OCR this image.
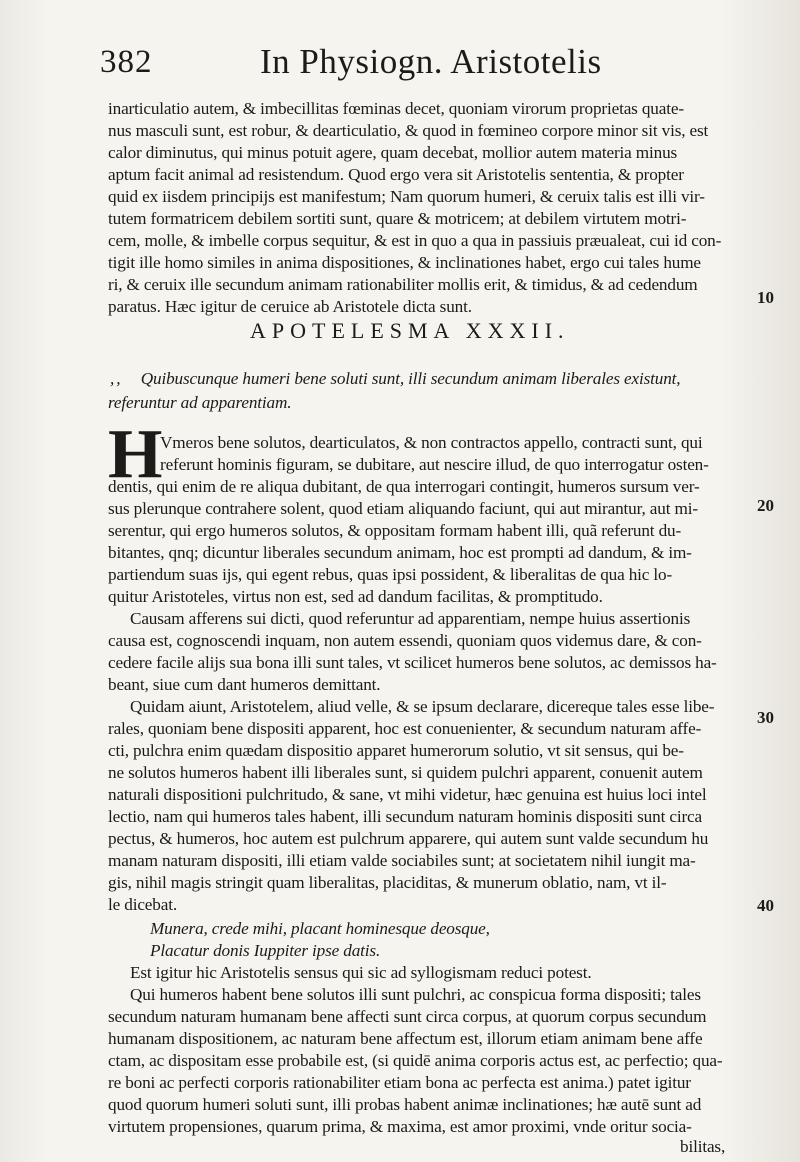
382	In Physiogn. Aristotelis
inarticulatio autem, & imbecillitas fœminas decet, quoniam virorum proprietas quate-
nus masculi sunt, est robur, & dearticulatio, & quod in fœmineo corpore minor sit vis, est
calor diminutus, qui minus potuit agere, quam decebat, mollior autem materia minus
aptum facit animal ad resistendum. Quod ergo vera sit Aristotelis sententia, & propter
quid ex iisdem principijs est manifestum; Nam quorum humeri, & ceruix talis est illi vir-
tutem formatricem debilem sortiti sunt, quare & motricem; at debilem virtutem motri-
cem, molle, & imbelle corpus sequitur, & est in quo a qua in passiuis præualeat, cui id con-
tigit ille homo similes in anima dispositiones, & inclinationes habet, ergo cui tales hume
ri, & ceruix ille secundum animam rationabiliter mollis erit, & timidus, & ad cedendum
paratus. Hæc igitur de ceruice ab Aristotele dicta sunt.	10
APOTELESMA XXXII.
,, Quibuscunque humeri bene soluti sunt, illi secundum animam liberales existunt,
referuntur ad apparentiam.
H
Vmeros bene solutos, dearticulatos, & non contractos appello, contracti sunt, qui
referunt hominis figuram, se dubitare, aut nescire illud, de quo interrogatur osten-
dentis, qui enim de re aliqua dubitant, de qua interrogari contingit, humeros sursum ver-
sus plerunque contrahere solent, quod etiam aliquando faciunt, qui aut mirantur, aut mi-
serentur, qui ergo humeros solutos, & oppositam formam habent illi, quã referunt du-
bitantes, qnq; dicuntur liberales secundum animam, hoc est prompti ad dandum, & im-
partiendum suas ijs, qui egent rebus, quas ipsi possident, & liberalitas de qua hic lo-
quitur Aristoteles, virtus non est, sed ad dandum facilitas, & promptitudo.
20
Causam afferens sui dicti, quod referuntur ad apparentiam, nempe huius assertionis
causa est, cognoscendi inquam, non autem essendi, quoniam quos videmus dare, & con-
cedere facile alijs sua bona illi sunt tales, vt scilicet humeros bene solutos, ac demissos ha-
beant, siue cum dant humeros demittant.
Quidam aiunt, Aristotelem, aliud velle, & se ipsum declarare, dicereque tales esse libe-
rales, quoniam bene dispositi apparent, hoc est conuenienter, & secundum naturam affe-
cti, pulchra enim quædam dispositio apparet humerorum solutio, vt sit sensus, qui be-
ne solutos humeros habent illi liberales sunt, si quidem pulchri apparent, conuenit autem
naturali dispositioni pulchritudo, & sane, vt mihi videtur, hæc genuina est huius loci intel
lectio, nam qui humeros tales habent, illi secundum naturam hominis dispositi sunt circa
pectus, & humeros, hoc autem est pulchrum apparere, qui autem sunt valde secundum hu
manam naturam dispositi, illi etiam valde sociabiles sunt; at societatem nihil iungit ma-
gis, nihil magis stringit quam liberalitas, placiditas, & munerum oblatio, nam, vt il-
le dicebat.
30
Munera, crede mihi, placant hominesque deosque,
Placatur donis Iuppiter ipse datis.
40
Est igitur hic Aristotelis sensus qui sic ad syllogismam reduci potest.
Qui humeros habent bene solutos illi sunt pulchri, ac conspicua forma dispositi; tales
secundum naturam humanam bene affecti sunt circa corpus, at quorum corpus secundum
humanam dispositionem, ac naturam bene affectum est, illorum etiam animam bene affe
ctam, ac dispositam esse probabile est, (si quidē anima corporis actus est, ac perfectio; qua-
re boni ac perfecti corporis rationabiliter etiam bona ac perfecta est anima.) patet igitur
quod quorum humeri soluti sunt, illi probas habent animæ inclinationes; hæ autē sunt ad
virtutem propensiones, quarum prima, & maxima, est amor proximi, vnde oritur socia-
bilitas,
